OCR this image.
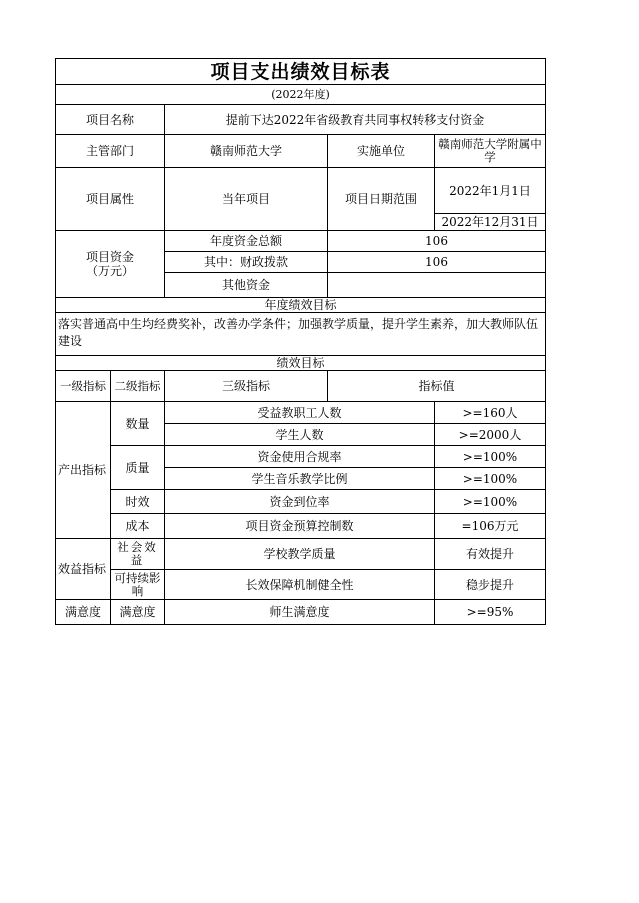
项目支出绩效目标表				
(2022年度)				
项目名称		提前下达2022年省级教育共同事权转移支付资金		
主管部门		赣南师范大学	实施单位	赣南师范大学附属中学
项目属性		当年项目	项目日期范围	2022年1月1日
				2022年12月31日
项目资金（万元）		年度资金总额	106	
		其中：财政拨款	106	
		其他资金		
年度绩效目标				
落实普通高中生均经费奖补，改善办学条件；加强教学质量，提升学生素养，加大教师队伍建设				
绩效目标				
一级指标	二级指标	三级指标	指标值	
产出指标	数量	受益教职工人数		>=160人
		学生人数		>=2000人
	质量	资金使用合规率		>=100%
		学生音乐教学比例		>=100%
	时效	资金到位率		>=100%
	成本	项目资金预算控制数		=106万元
效益指标	社会效益	学校教学质量		有效提升
	可持续影响	长效保障机制健全性		稳步提升
满意度	满意度	师生满意度		>=95%
